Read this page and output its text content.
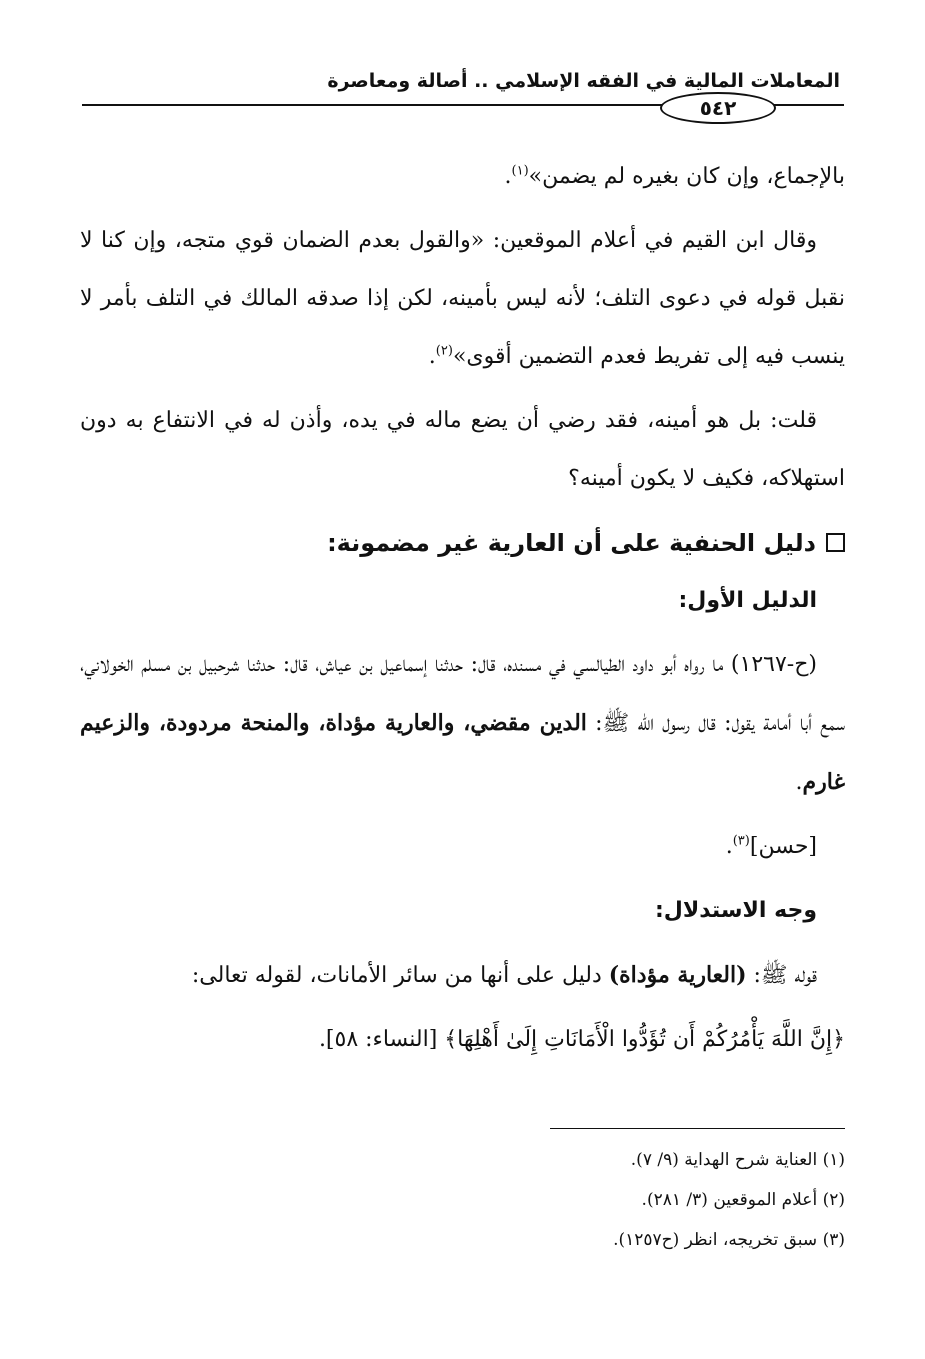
المعاملات المالية في الفقه الإسلامي .. أصالة ومعاصرة
٥٤٢

بالإجماع، وإن كان بغيره لم يضمن»$^{(١)}$.

وقال ابن القيم في أعلام الموقعين: «والقول بعدم الضمان قوي متجه، وإن كنا لا نقبل قوله في دعوى التلف؛ لأنه ليس بأمينه، لكن إذا صدقه المالك في التلف بأمر لا ينسب فيه إلى تفريط فعدم التضمين أقوى»$^{(٢)}$.

قلت: بل هو أمينه، فقد رضي أن يضع ماله في يده، وأذن له في الانتفاع به دون استهلاكه، فكيف لا يكون أمينه؟

دليل الحنفية على أن العارية غير مضمونة:

الدليل الأول:

(ح-١٢٦٧) ما رواه أبو داود الطيالسي في مسنده، قال: حدثنا إسماعيل بن عياش، قال: حدثنا شرحبيل بن مسلم الخولاني، سمع أبا أمامة يقول: قال رسول الله ﷺ: الدين مقضي، والعارية مؤداة، والمنحة مردودة، والزعيم غارم.

[حسن]$^{(٣)}$.

وجه الاستدلال:

قوله ﷺ: (العارية مؤداة) دليل على أنها من سائر الأمانات، لقوله تعالى:

﴿إِنَّ اللَّهَ يَأْمُرُكُمْ أَن تُؤَدُّوا الْأَمَانَاتِ إِلَىٰ أَهْلِهَا﴾ [النساء: ٥٨].

(١) العناية شرح الهداية (٩/ ٧).
(٢) أعلام الموقعين (٣/ ٢٨١).
(٣) سبق تخريجه، انظر (ح١٢٥٧).
